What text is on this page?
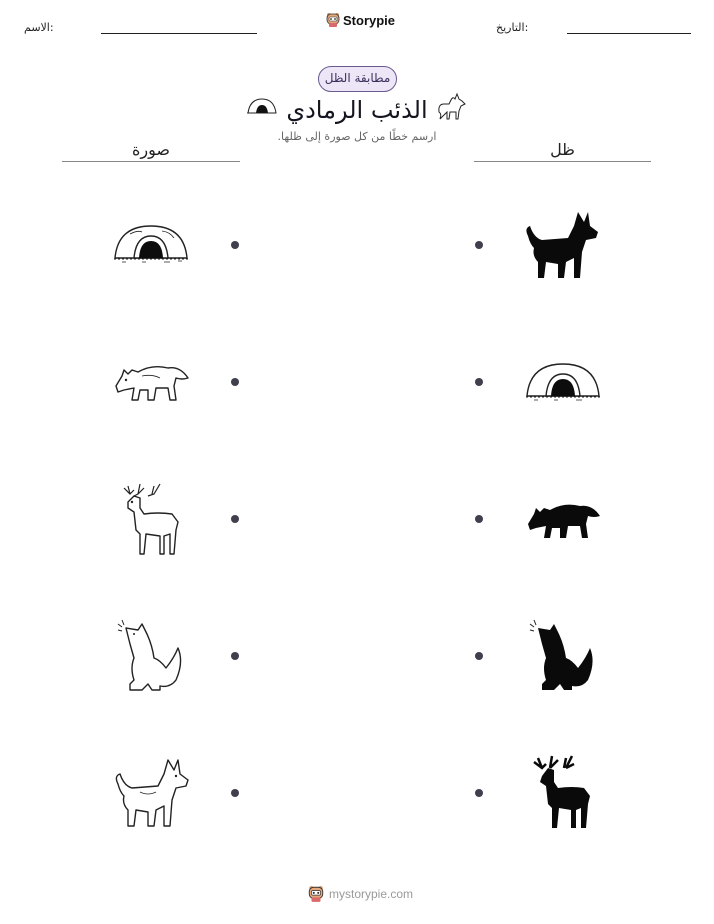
الاسم:	التاريخ:
Storypie
مطابقة الظل
الذئب الرمادي
ارسم خطًا من كل صورة إلى ظلها.
صورة	ظل
mystorypie.com
